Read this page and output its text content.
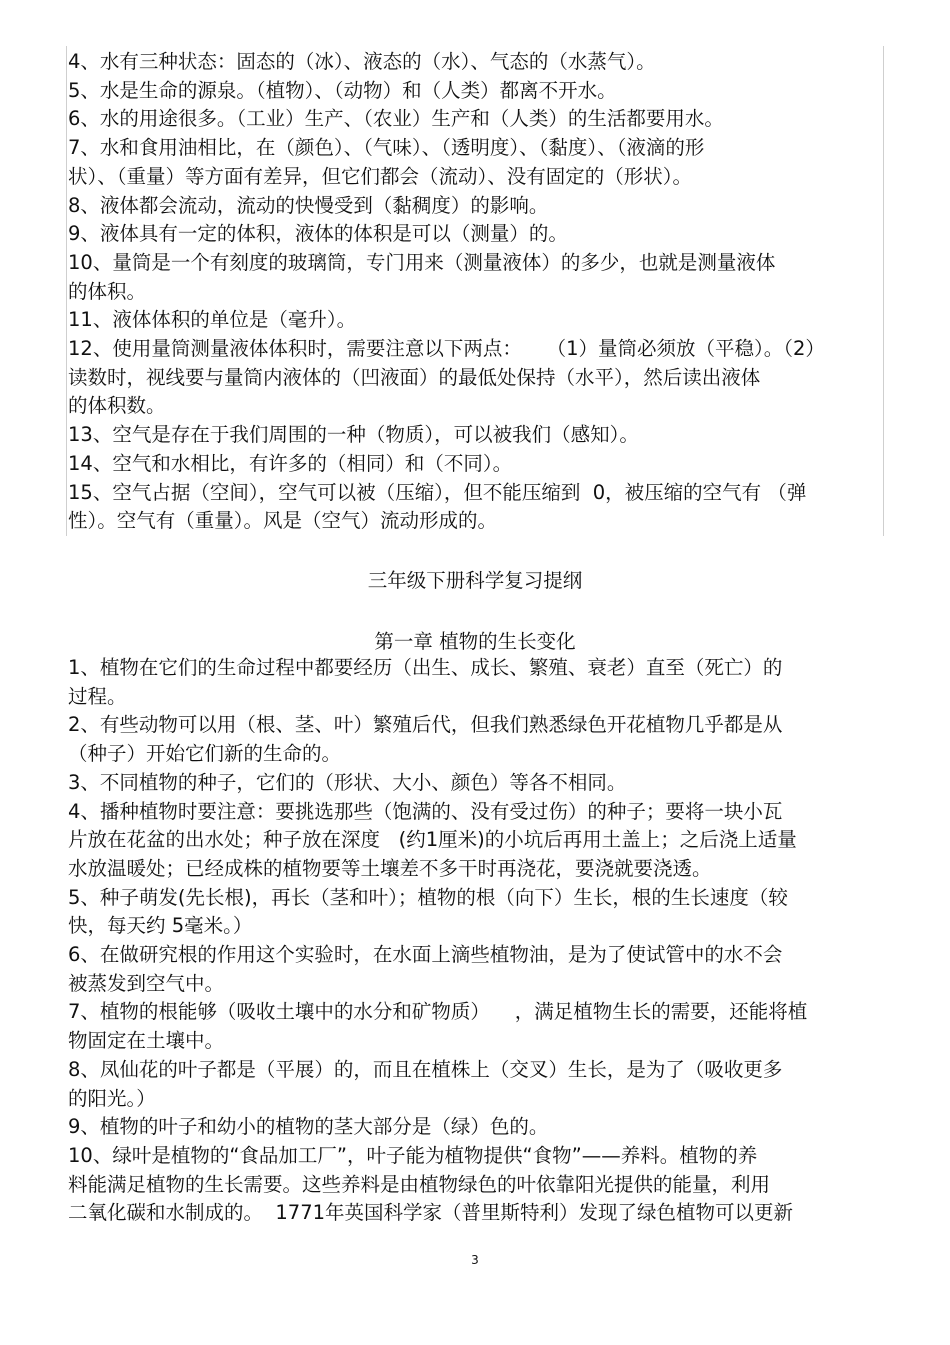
4、水有三种状态：固态的（冰）、液态的（水）、气态的（水蒸气）。

5、水是生命的源泉。（植物）、（动物）和（人类）都离不开水。

6、水的用途很多。（工业）生产、（农业）生产和（人类）的生活都要用水。

7、水和食用油相比，在（颜色）、（气味）、（透明度）、（黏度）、（液滴的形
状）、（重量）等方面有差异，但它们都会（流动）、没有固定的（形状）。

8、液体都会流动，流动的快慢受到（黏稠度）的影响。

9、液体具有一定的体积，液体的体积是可以（测量）的。

10、量筒是一个有刻度的玻璃筒，专门用来（测量液体）的多少，也就是测量液体
的体积。

11、液体体积的单位是（毫升）。

12、使用量筒测量液体体积时，需要注意以下两点：    （1）量筒必须放（平稳）。（2）
读数时，视线要与量筒内液体的（凹液面）的最低处保持（水平），然后读出液体
的体积数。

13、空气是存在于我们周围的一种（物质），可以被我们（感知）。

14、空气和水相比，有许多的（相同）和（不同）。

15、空气占据（空间），空气可以被（压缩），但不能压缩到  0，被压缩的空气有 （弹
性）。空气有（重量）。风是（空气）流动形成的。

三年级下册科学复习提纲
第一章 植物的生长变化

1、植物在它们的生命过程中都要经历（出生、成长、繁殖、衰老）直至（死亡）的
过程。

2、有些动物可以用（根、茎、叶）繁殖后代，但我们熟悉绿色开花植物几乎都是从
（种子）开始它们新的生命的。

3、不同植物的种子，它们的（形状、大小、颜色）等各不相同。

4、播种植物时要注意：要挑选那些（饱满的、没有受过伤）的种子；要将一块小瓦
片放在花盆的出水处；种子放在深度   (约1厘米)的小坑后再用土盖上；之后浇上适量
水放温暖处；已经成株的植物要等土壤差不多干时再浇花，要浇就要浇透。

5、种子萌发(先长根)，再长（茎和叶）；植物的根（向下）生长，根的生长速度（较
快，每天约 5毫米。）

6、在做研究根的作用这个实验时，在水面上滴些植物油，是为了使试管中的水不会
被蒸发到空气中。

7、植物的根能够（吸收土壤中的水分和矿物质）    ，满足植物生长的需要，还能将植
物固定在土壤中。

8、凤仙花的叶子都是（平展）的，而且在植株上（交叉）生长，是为了（吸收更多
的阳光。）

9、植物的叶子和幼小的植物的茎大部分是（绿）色的。

10、绿叶是植物的“食品加工厂”，叶子能为植物提供“食物”——养料。植物的养
料能满足植物的生长需要。这些养料是由植物绿色的叶依靠阳光提供的能量，利用
二氧化碳和水制成的。  1771年英国科学家（普里斯特利）发现了绿色植物可以更新

3
